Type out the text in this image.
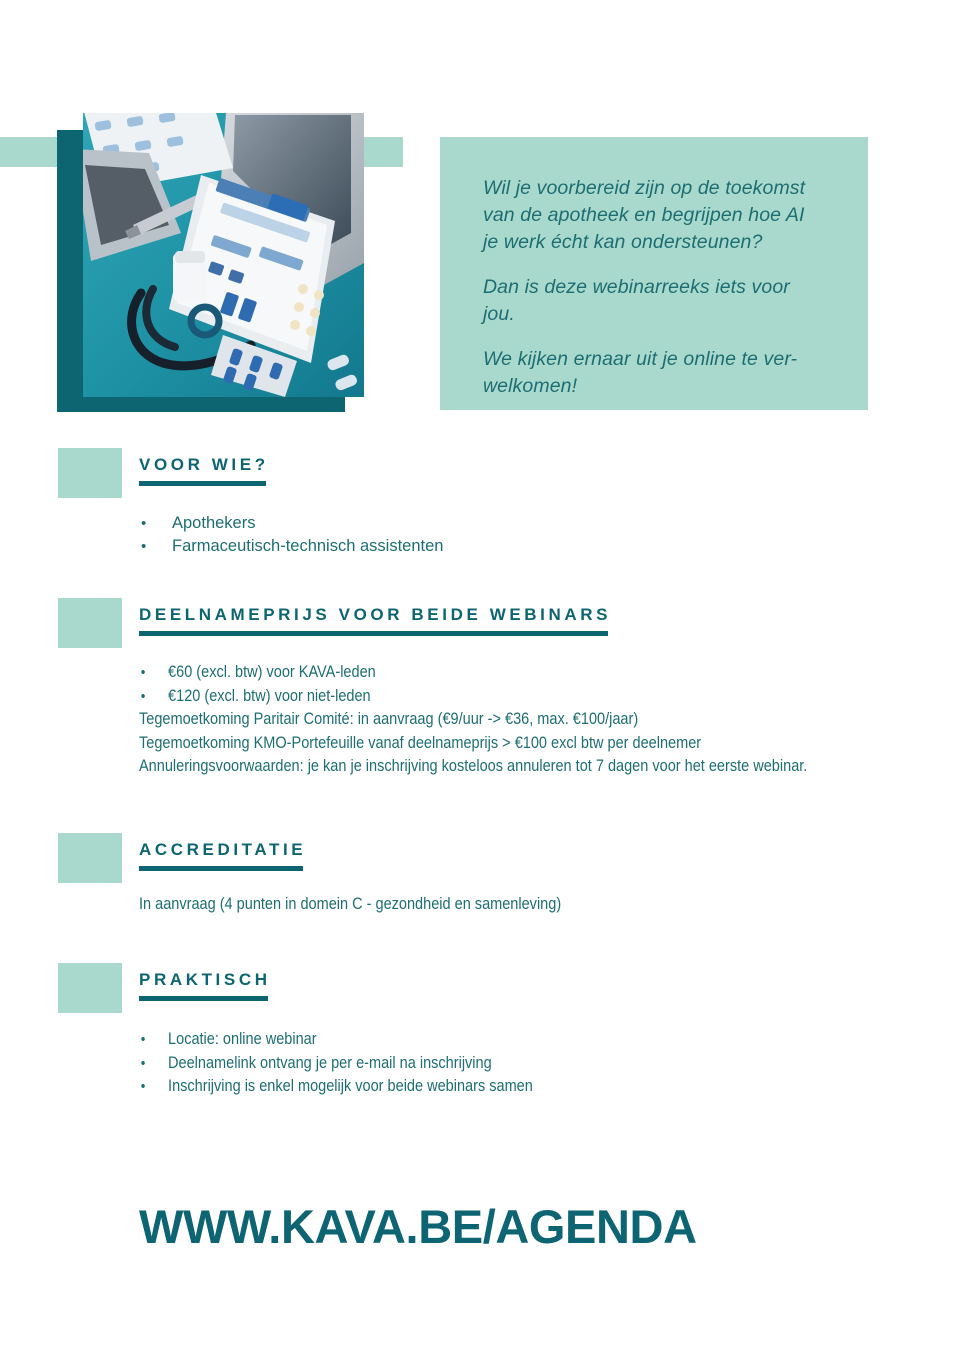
Wil je voorbereid zijn op de toekomst van de apotheek en begrijpen hoe AI je werk écht kan ondersteunen?

Dan is deze webinarreeks iets voor jou.

We kijken ernaar uit je online te ver-welkomen!

VOOR WIE?
• Apothekers
• Farmaceutisch-technisch assistenten
DEELNAMEPRIJS VOOR BEIDE WEBINARS
• €60 (excl. btw) voor KAVA-leden
• €120 (excl. btw) voor niet-leden

Tegemoetkoming Paritair Comité: in aanvraag (€9/uur -> €36, max. €100/jaar)

Tegemoetkoming KMO-Portefeuille vanaf deelnameprijs > €100 excl btw per deelnemer

Annuleringsvoorwaarden: je kan je inschrijving kosteloos annuleren tot 7 dagen voor het eerste webinar.

ACCREDITATIE

In aanvraag (4 punten in domein C - gezondheid en samenleving)

PRAKTISCH
• Locatie: online webinar
• Deelnamelink ontvang je per e-mail na inschrijving
• Inschrijving is enkel mogelijk voor beide webinars samen
WWW.KAVA.BE/AGENDA
